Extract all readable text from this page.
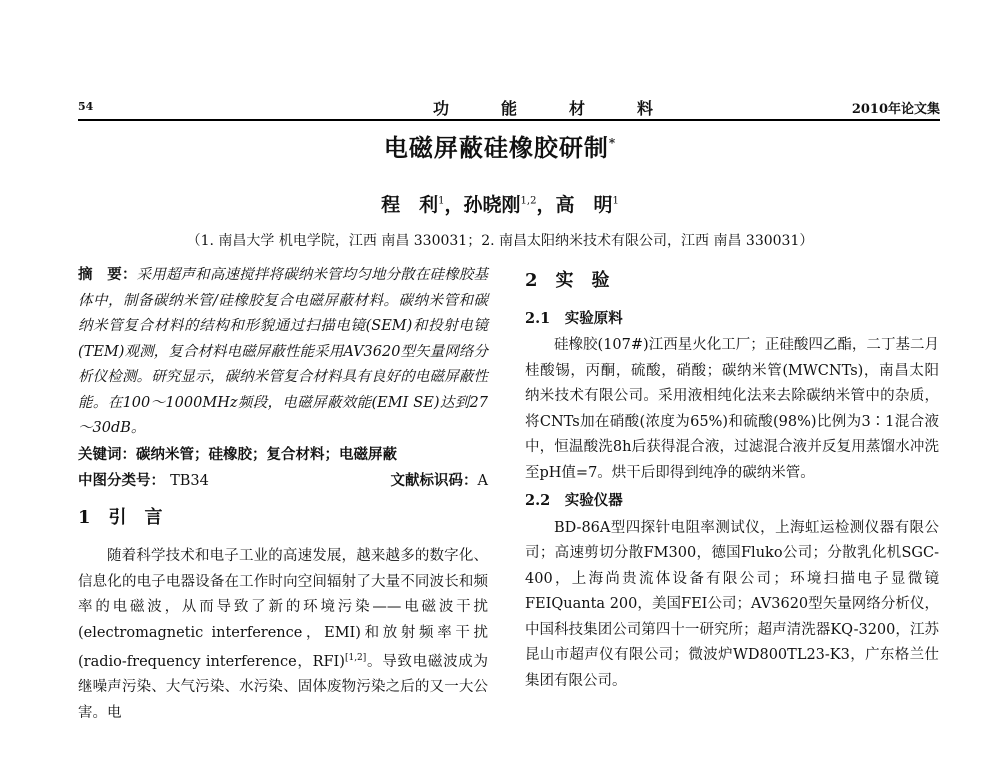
54	功能材料	2010年论文集
电磁屏蔽硅橡胶研制*
程　利$^1$，孙晓刚$^{1,2}$，高　明$^1$
（1. 南昌大学 机电学院，江西 南昌 330031；2. 南昌太阳纳米技术有限公司，江西 南昌 330031）

摘　要：采用超声和高速搅拌将碳纳米管均匀地分散在硅橡胶基体中，制备碳纳米管/硅橡胶复合电磁屏蔽材料。碳纳米管和碳纳米管复合材料的结构和形貌通过扫描电镜(SEM)和投射电镜(TEM)观测，复合材料电磁屏蔽性能采用AV3620型矢量网络分析仪检测。研究显示，碳纳米管复合材料具有良好的电磁屏蔽性能。在100～1000MHz频段，电磁屏蔽效能(EMI SE)达到27～30dB。

关键词：碳纳米管；硅橡胶；复合材料；电磁屏蔽

中图分类号： TB34	文献标识码：A
1　引　言

随着科学技术和电子工业的高速发展，越来越多的数字化、信息化的电子电器设备在工作时向空间辐射了大量不同波长和频率的电磁波，从而导致了新的环境污染——电磁波干扰(electromagnetic interference，EMI)和放射频率干扰(radio-frequency interference，RFI)[1,2]。导致电磁波成为继噪声污染、大气污染、水污染、固体废物污染之后的又一大公害。电

2　实　验
2.1　实验原料

硅橡胶(107#)江西星火化工厂；正硅酸四乙酯，二丁基二月桂酸锡，丙酮，硫酸，硝酸；碳纳米管(MWCNTs)，南昌太阳纳米技术有限公司。采用液相纯化法来去除碳纳米管中的杂质，将CNTs加在硝酸(浓度为65%)和硫酸(98%)比例为3∶1混合液中，恒温酸洗8h后获得混合液，过滤混合液并反复用蒸馏水冲洗至pH值=7。烘干后即得到纯净的碳纳米管。

2.2　实验仪器

BD-86A型四探针电阻率测试仪，上海虹运检测仪器有限公司；高速剪切分散FM300，德国Fluko公司；分散乳化机SGC-400，上海尚贵流体设备有限公司；环境扫描电子显微镜FEIQuanta 200，美国FEI公司；AV3620型矢量网络分析仪，中国科技集团公司第四十一研究所；超声清洗器KQ-3200，江苏昆山市超声仪有限公司；微波炉WD800TL23-K3，广东格兰仕集团有限公司。
